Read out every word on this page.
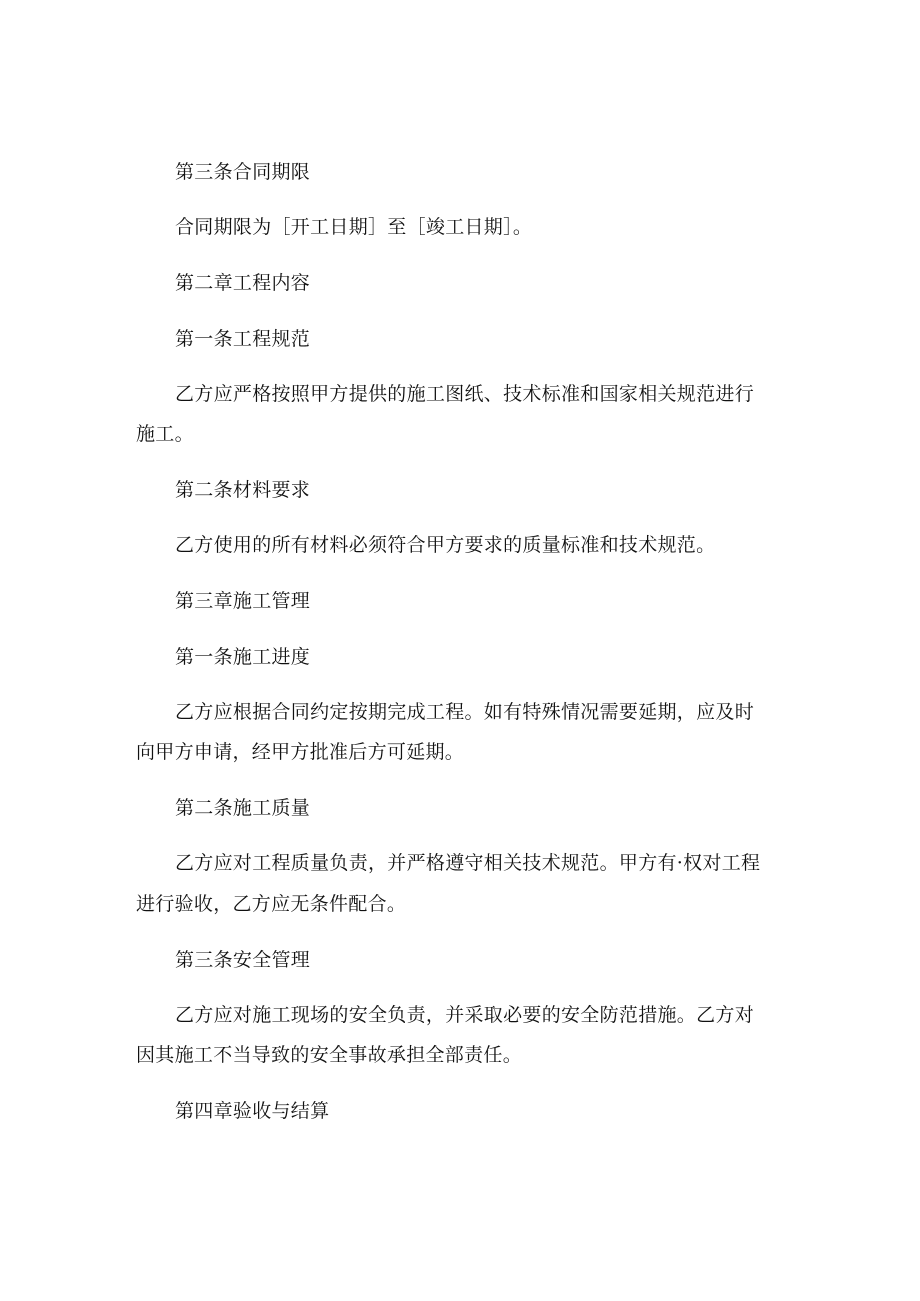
第三条合同期限

合同期限为［开工日期］至［竣工日期］。

第二章工程内容

第一条工程规范

乙方应严格按照甲方提供的施工图纸、技术标准和国家相关规范进行

施工。

第二条材料要求

乙方使用的所有材料必须符合甲方要求的质量标准和技术规范。

第三章施工管理

第一条施工进度

乙方应根据合同约定按期完成工程。如有特殊情况需要延期，应及时

向甲方申请，经甲方批准后方可延期。

第二条施工质量

乙方应对工程质量负责，并严格遵守相关技术规范。甲方有·权对工程

进行验收，乙方应无条件配合。

第三条安全管理

乙方应对施工现场的安全负责，并采取必要的安全防范措施。乙方对

因其施工不当导致的安全事故承担全部责任。

第四章验收与结算
